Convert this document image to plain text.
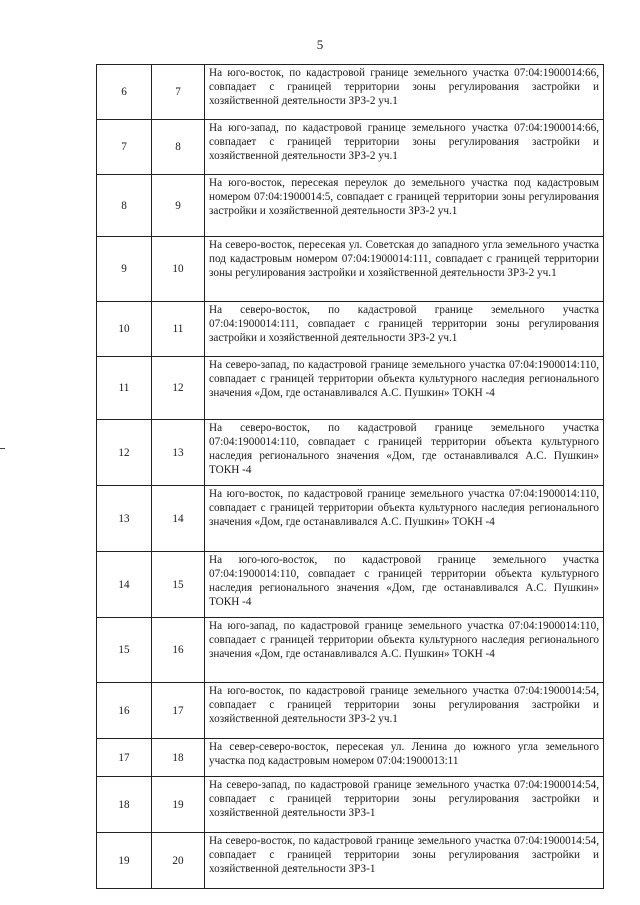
5
6	7	На юго-восток, по кадастровой границе земельного участка 07:04:1900014:66, совпадает с границей территории зоны регулирования застройки и хозяйственной деятельности ЗРЗ-2 уч.1
7	8	На юго-запад, по кадастровой границе земельного участка 07:04:1900014:66, совпадает с границей территории зоны регулирования застройки и хозяйственной деятельности ЗРЗ-2 уч.1
8	9	На юго-восток, пересекая переулок до земельного участка под кадастровым номером 07:04:1900014:5, совпадает с границей территории зоны регулирования застройки и хозяйственной деятельности ЗРЗ-2 уч.1
9	10	На северо-восток, пересекая ул. Советская до западного угла земельного участка под кадастровым номером 07:04:1900014:111, совпадает с границей территории зоны регулирования застройки и хозяйственной деятельности ЗРЗ-2 уч.1
10	11	На северо-восток, по кадастровой границе земельного участка 07:04:1900014:111, совпадает с границей территории зоны регулирования застройки и хозяйственной деятельности ЗРЗ-2 уч.1
11	12	На северо-запад, по кадастровой границе земельного участка 07:04:1900014:110, совпадает с границей территории объекта культурного наследия регионального значения «Дом, где останавливался А.С. Пушкин» ТОКН -4
12	13	На северо-восток, по кадастровой границе земельного участка 07:04:1900014:110, совпадает с границей территории объекта культурного наследия регионального значения «Дом, где останавливался А.С. Пушкин» ТОКН -4
13	14	На юго-восток, по кадастровой границе земельного участка 07:04:1900014:110, совпадает с границей территории объекта культурного наследия регионального значения «Дом, где останавливался А.С. Пушкин» ТОКН -4
14	15	На юго-юго-восток, по кадастровой границе земельного участка 07:04:1900014:110, совпадает с границей территории объекта культурного наследия регионального значения «Дом, где останавливался А.С. Пушкин» ТОКН -4
15	16	На юго-запад, по кадастровой границе земельного участка 07:04:1900014:110, совпадает с границей территории объекта культурного наследия регионального значения «Дом, где останавливался А.С. Пушкин» ТОКН -4
16	17	На юго-восток, по кадастровой границе земельного участка 07:04:1900014:54, совпадает с границей территории зоны регулирования застройки и хозяйственной деятельности ЗРЗ-2 уч.1
17	18	На север-северо-восток, пересекая ул. Ленина до южного угла земельного участка под кадастровым номером 07:04:1900013:11
18	19	На северо-запад, по кадастровой границе земельного участка 07:04:1900014:54, совпадает с границей территории зоны регулирования застройки и хозяйственной деятельности ЗРЗ-1
19	20	На северо-восток, по кадастровой границе земельного участка 07:04:1900014:54, совпадает с границей территории зоны регулирования застройки и хозяйственной деятельности ЗРЗ-1
